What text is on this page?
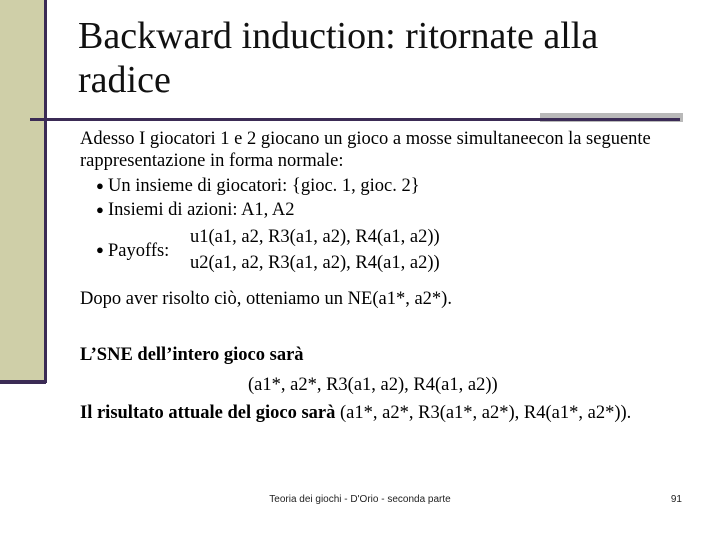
Backward induction: ritornate alla radice

Adesso I giocatori 1 e 2 giocano un gioco a mosse simultaneecon la seguente rappresentazione in forma normale:

● Un insieme di giocatori: {gioc. 1, gioc. 2}
● Insiemi di azioni: A1, A2
● Payoffs:
u1(a1, a2, R3(a1, a2), R4(a1, a2))
u2(a1, a2, R3(a1, a2), R4(a1, a2))

Dopo aver risolto ciò, otteniamo un NE(a1*, a2*).

L’SNE dell’intero gioco sarà

(a1*, a2*, R3(a1, a2), R4(a1, a2))

Il risultato attuale del gioco sarà (a1*, a2*, R3(a1*, a2*), R4(a1*, a2*)).

Teoria dei giochi - D'Orio - seconda parte	91
